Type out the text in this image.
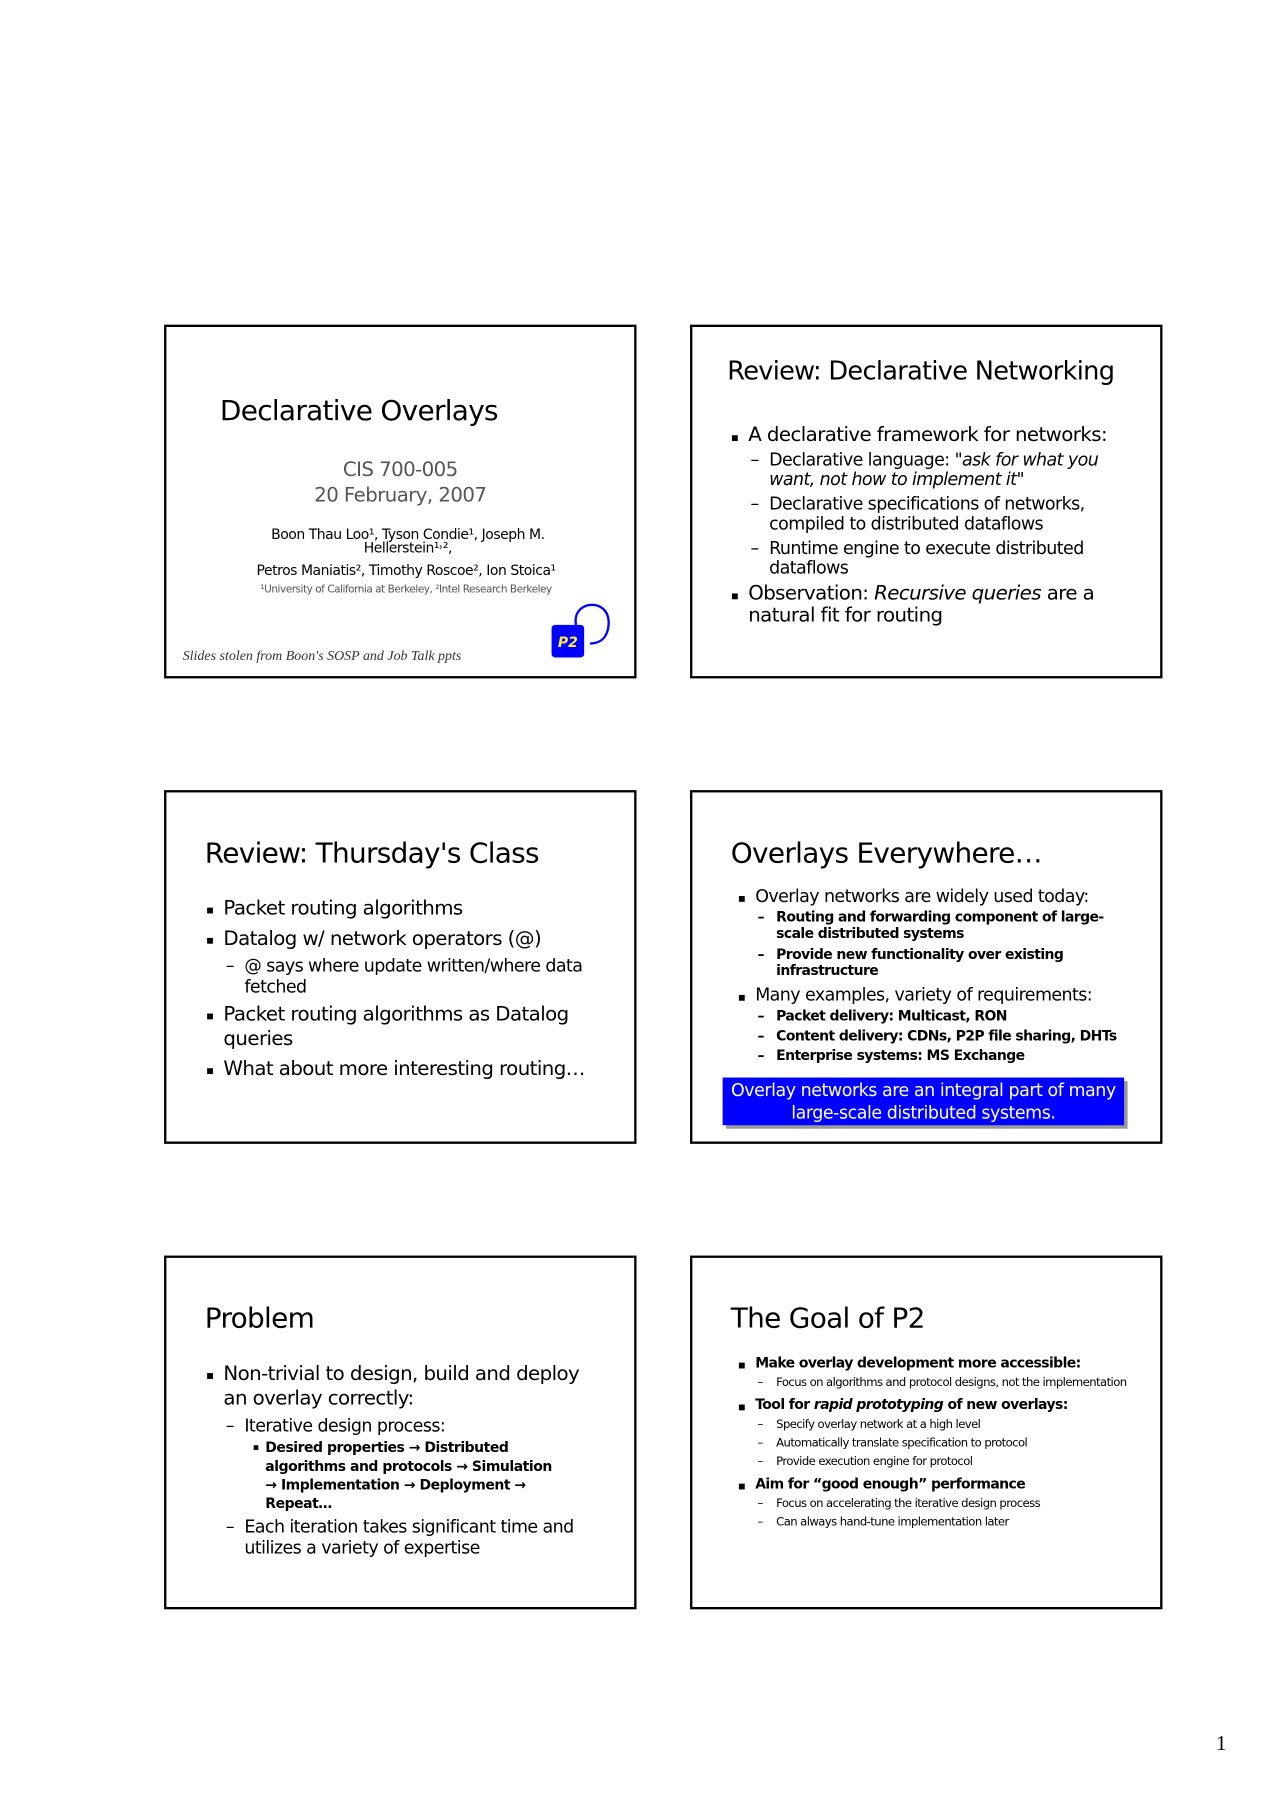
Declarative Overlays
CIS 700-005
20 February, 2007
Boon Thau Loo¹, Tyson Condie¹, Joseph M. Hellerstein¹˒²,
Petros Maniatis², Timothy Roscoe², Ion Stoica¹
¹University of California at Berkeley, ²Intel Research Berkeley
Slides stolen from Boon's SOSP and Job Talk ppts
P2
Review: Declarative Networking
A declarative framework for networks:
– Declarative language: "ask for what you want, not how to implement it"
– Declarative specifications of networks, compiled to distributed dataflows
– Runtime engine to execute distributed dataflows
Observation: Recursive queries are a natural fit for routing
Review: Thursday's Class
Packet routing algorithms
Datalog w/ network operators (@)
– @ says where update written/where data fetched
Packet routing algorithms as Datalog queries
What about more interesting routing…
Overlays Everywhere…
Overlay networks are widely used today:
– Routing and forwarding component of large-scale distributed systems
– Provide new functionality over existing infrastructure
Many examples, variety of requirements:
– Packet delivery: Multicast, RON
– Content delivery: CDNs, P2P file sharing, DHTs
– Enterprise systems: MS Exchange
Overlay networks are an integral part of many large-scale distributed systems.
Problem
Non-trivial to design, build and deploy an overlay correctly:
– Iterative design process:
Desired properties → Distributed algorithms and protocols → Simulation → Implementation → Deployment → Repeat…
– Each iteration takes significant time and utilizes a variety of expertise
The Goal of P2
Make overlay development more accessible:
– Focus on algorithms and protocol designs, not the implementation
Tool for rapid prototyping of new overlays:
– Specify overlay network at a high level
– Automatically translate specification to protocol
– Provide execution engine for protocol
Aim for “good enough” performance
– Focus on accelerating the iterative design process
– Can always hand-tune implementation later
1
